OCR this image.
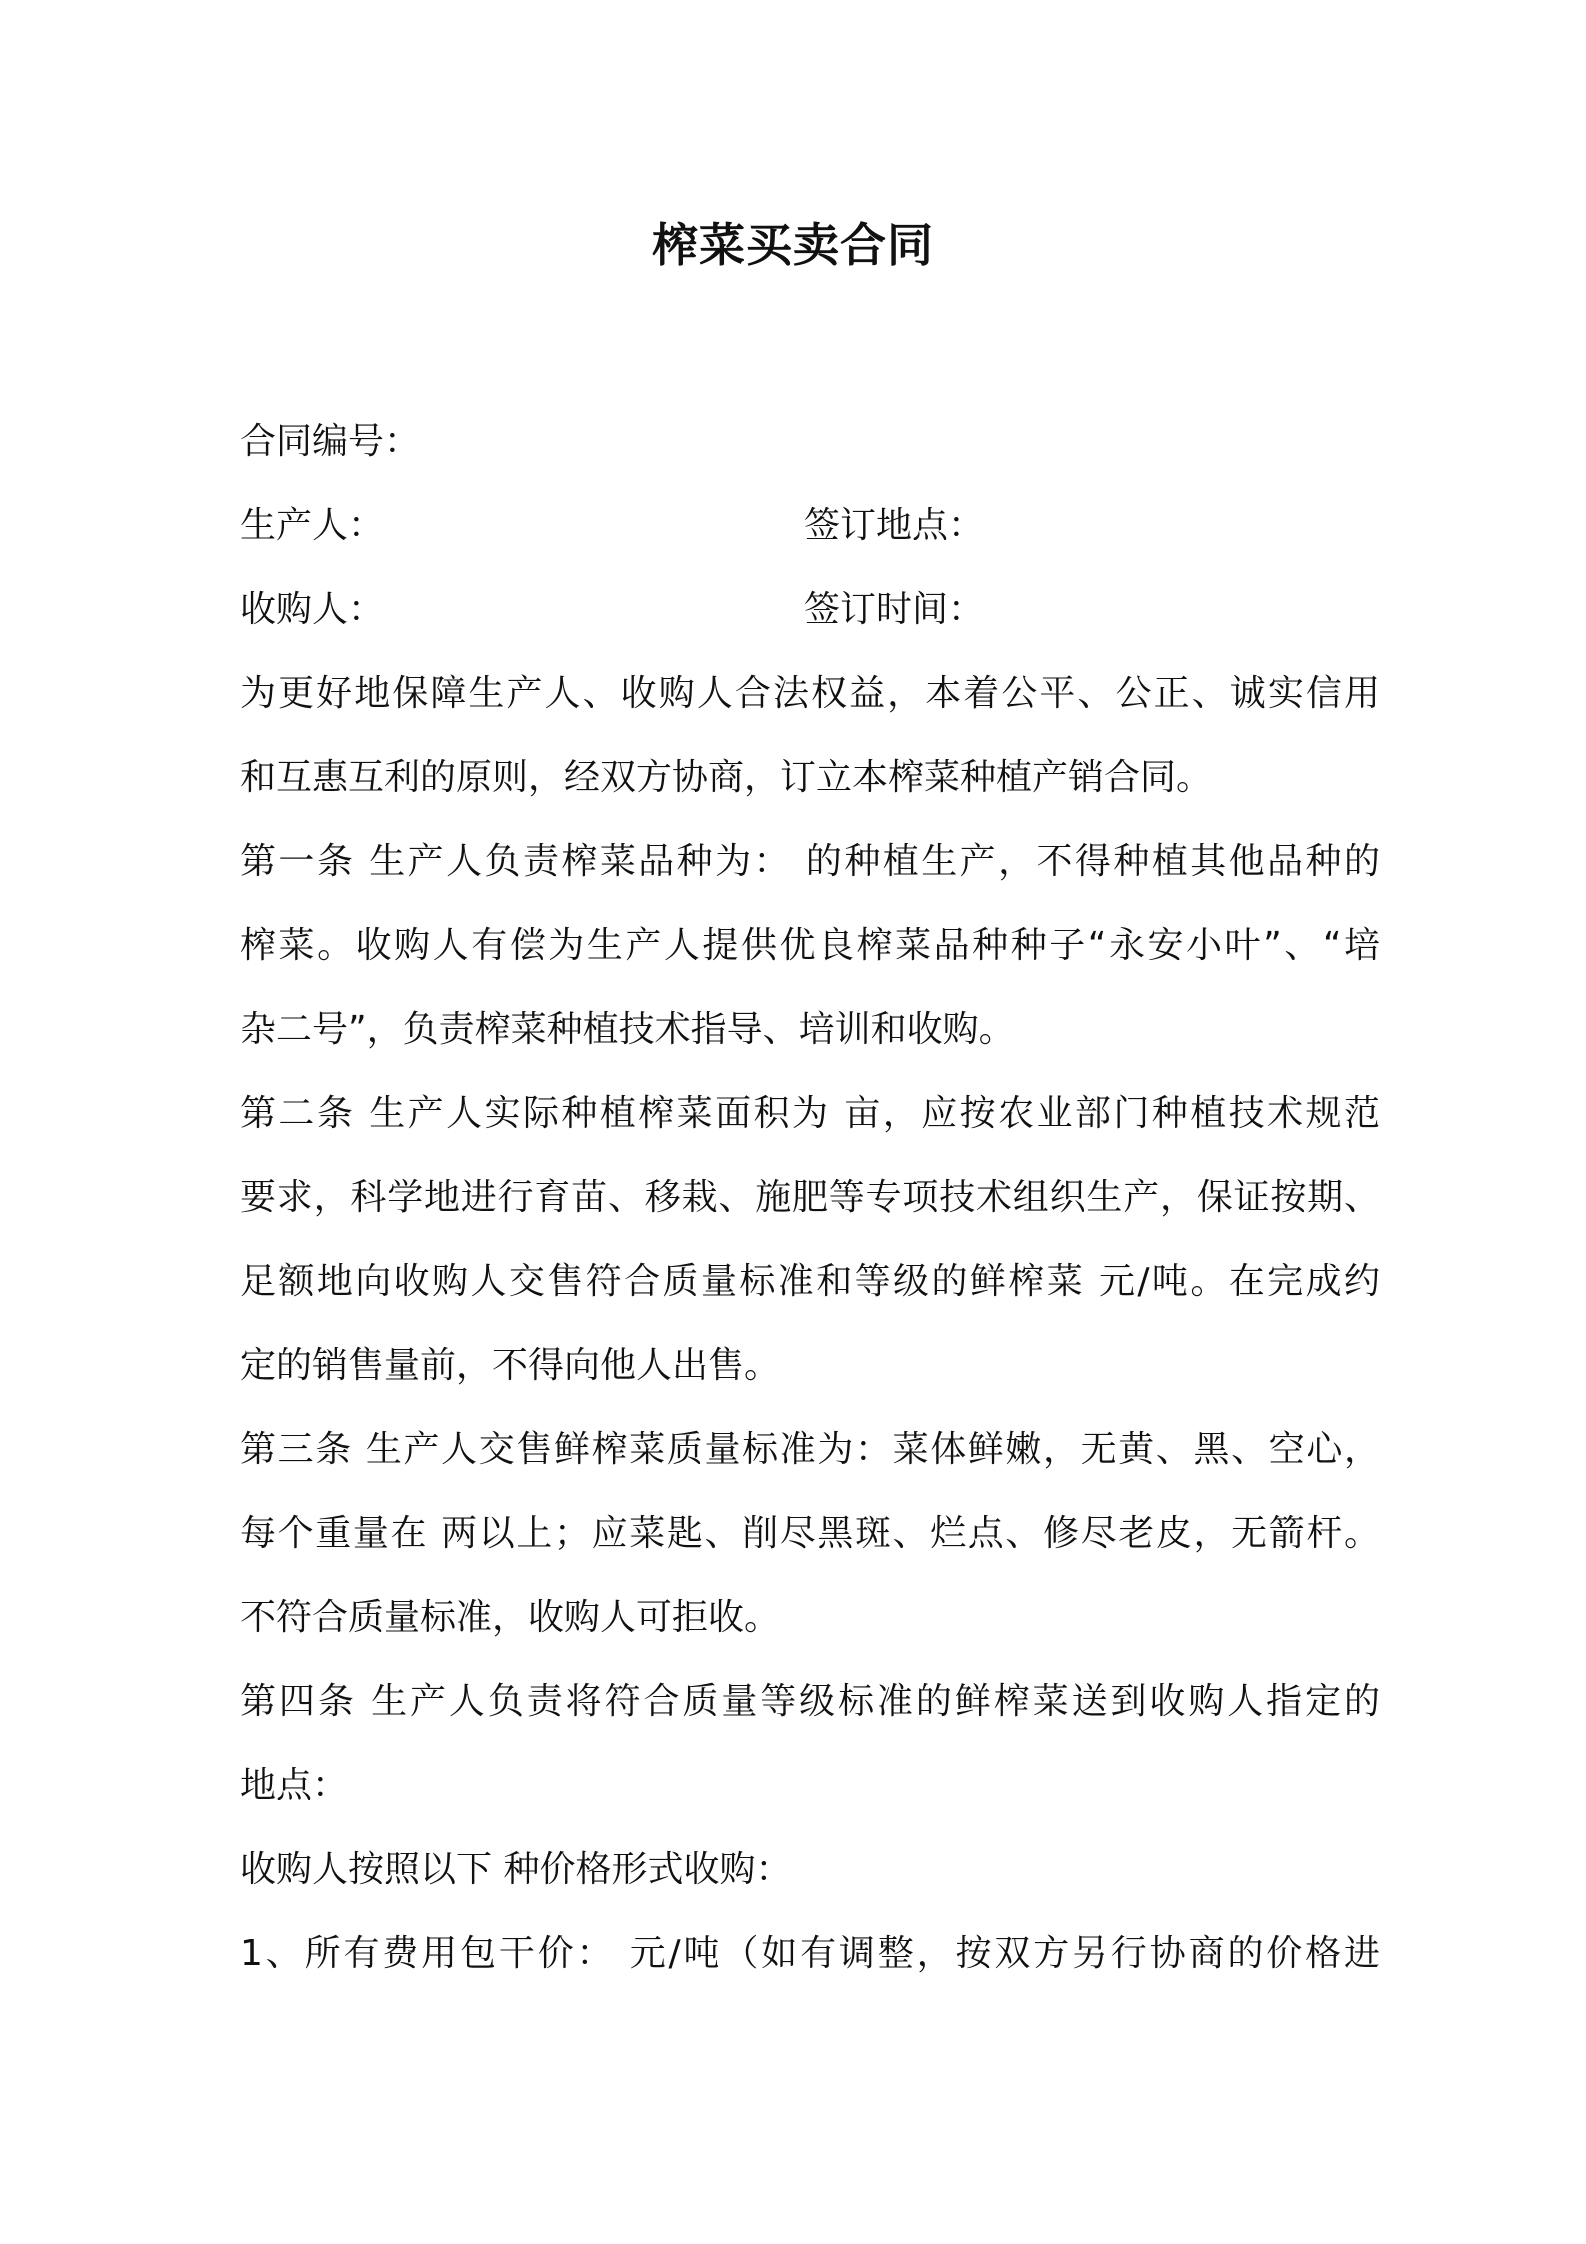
榨菜买卖合同
合同编号：
生产人：	签订地点：
收购人：	签订时间：
为更好地保障生产人、收购人合法权益，本着公平、公正、诚实信用
和互惠互利的原则，经双方协商，订立本榨菜种植产销合同。
第一条 生产人负责榨菜品种为： 的种植生产，不得种植其他品种的
榨菜。收购人有偿为生产人提供优良榨菜品种种子“永安小叶”、“培
杂二号”，负责榨菜种植技术指导、培训和收购。
第二条 生产人实际种植榨菜面积为 亩，应按农业部门种植技术规范
要求，科学地进行育苗、移栽、施肥等专项技术组织生产，保证按期、
足额地向收购人交售符合质量标准和等级的鲜榨菜 元/吨。在完成约
定的销售量前，不得向他人出售。
第三条 生产人交售鲜榨菜质量标准为：菜体鲜嫩，无黄、黑、空心，
每个重量在 两以上；应菜匙、削尽黑斑、烂点、修尽老皮，无箭杆。
不符合质量标准，收购人可拒收。
第四条 生产人负责将符合质量等级标准的鲜榨菜送到收购人指定的
地点：
收购人按照以下 种价格形式收购：
1、所有费用包干价： 元/吨（如有调整，按双方另行协商的价格进
